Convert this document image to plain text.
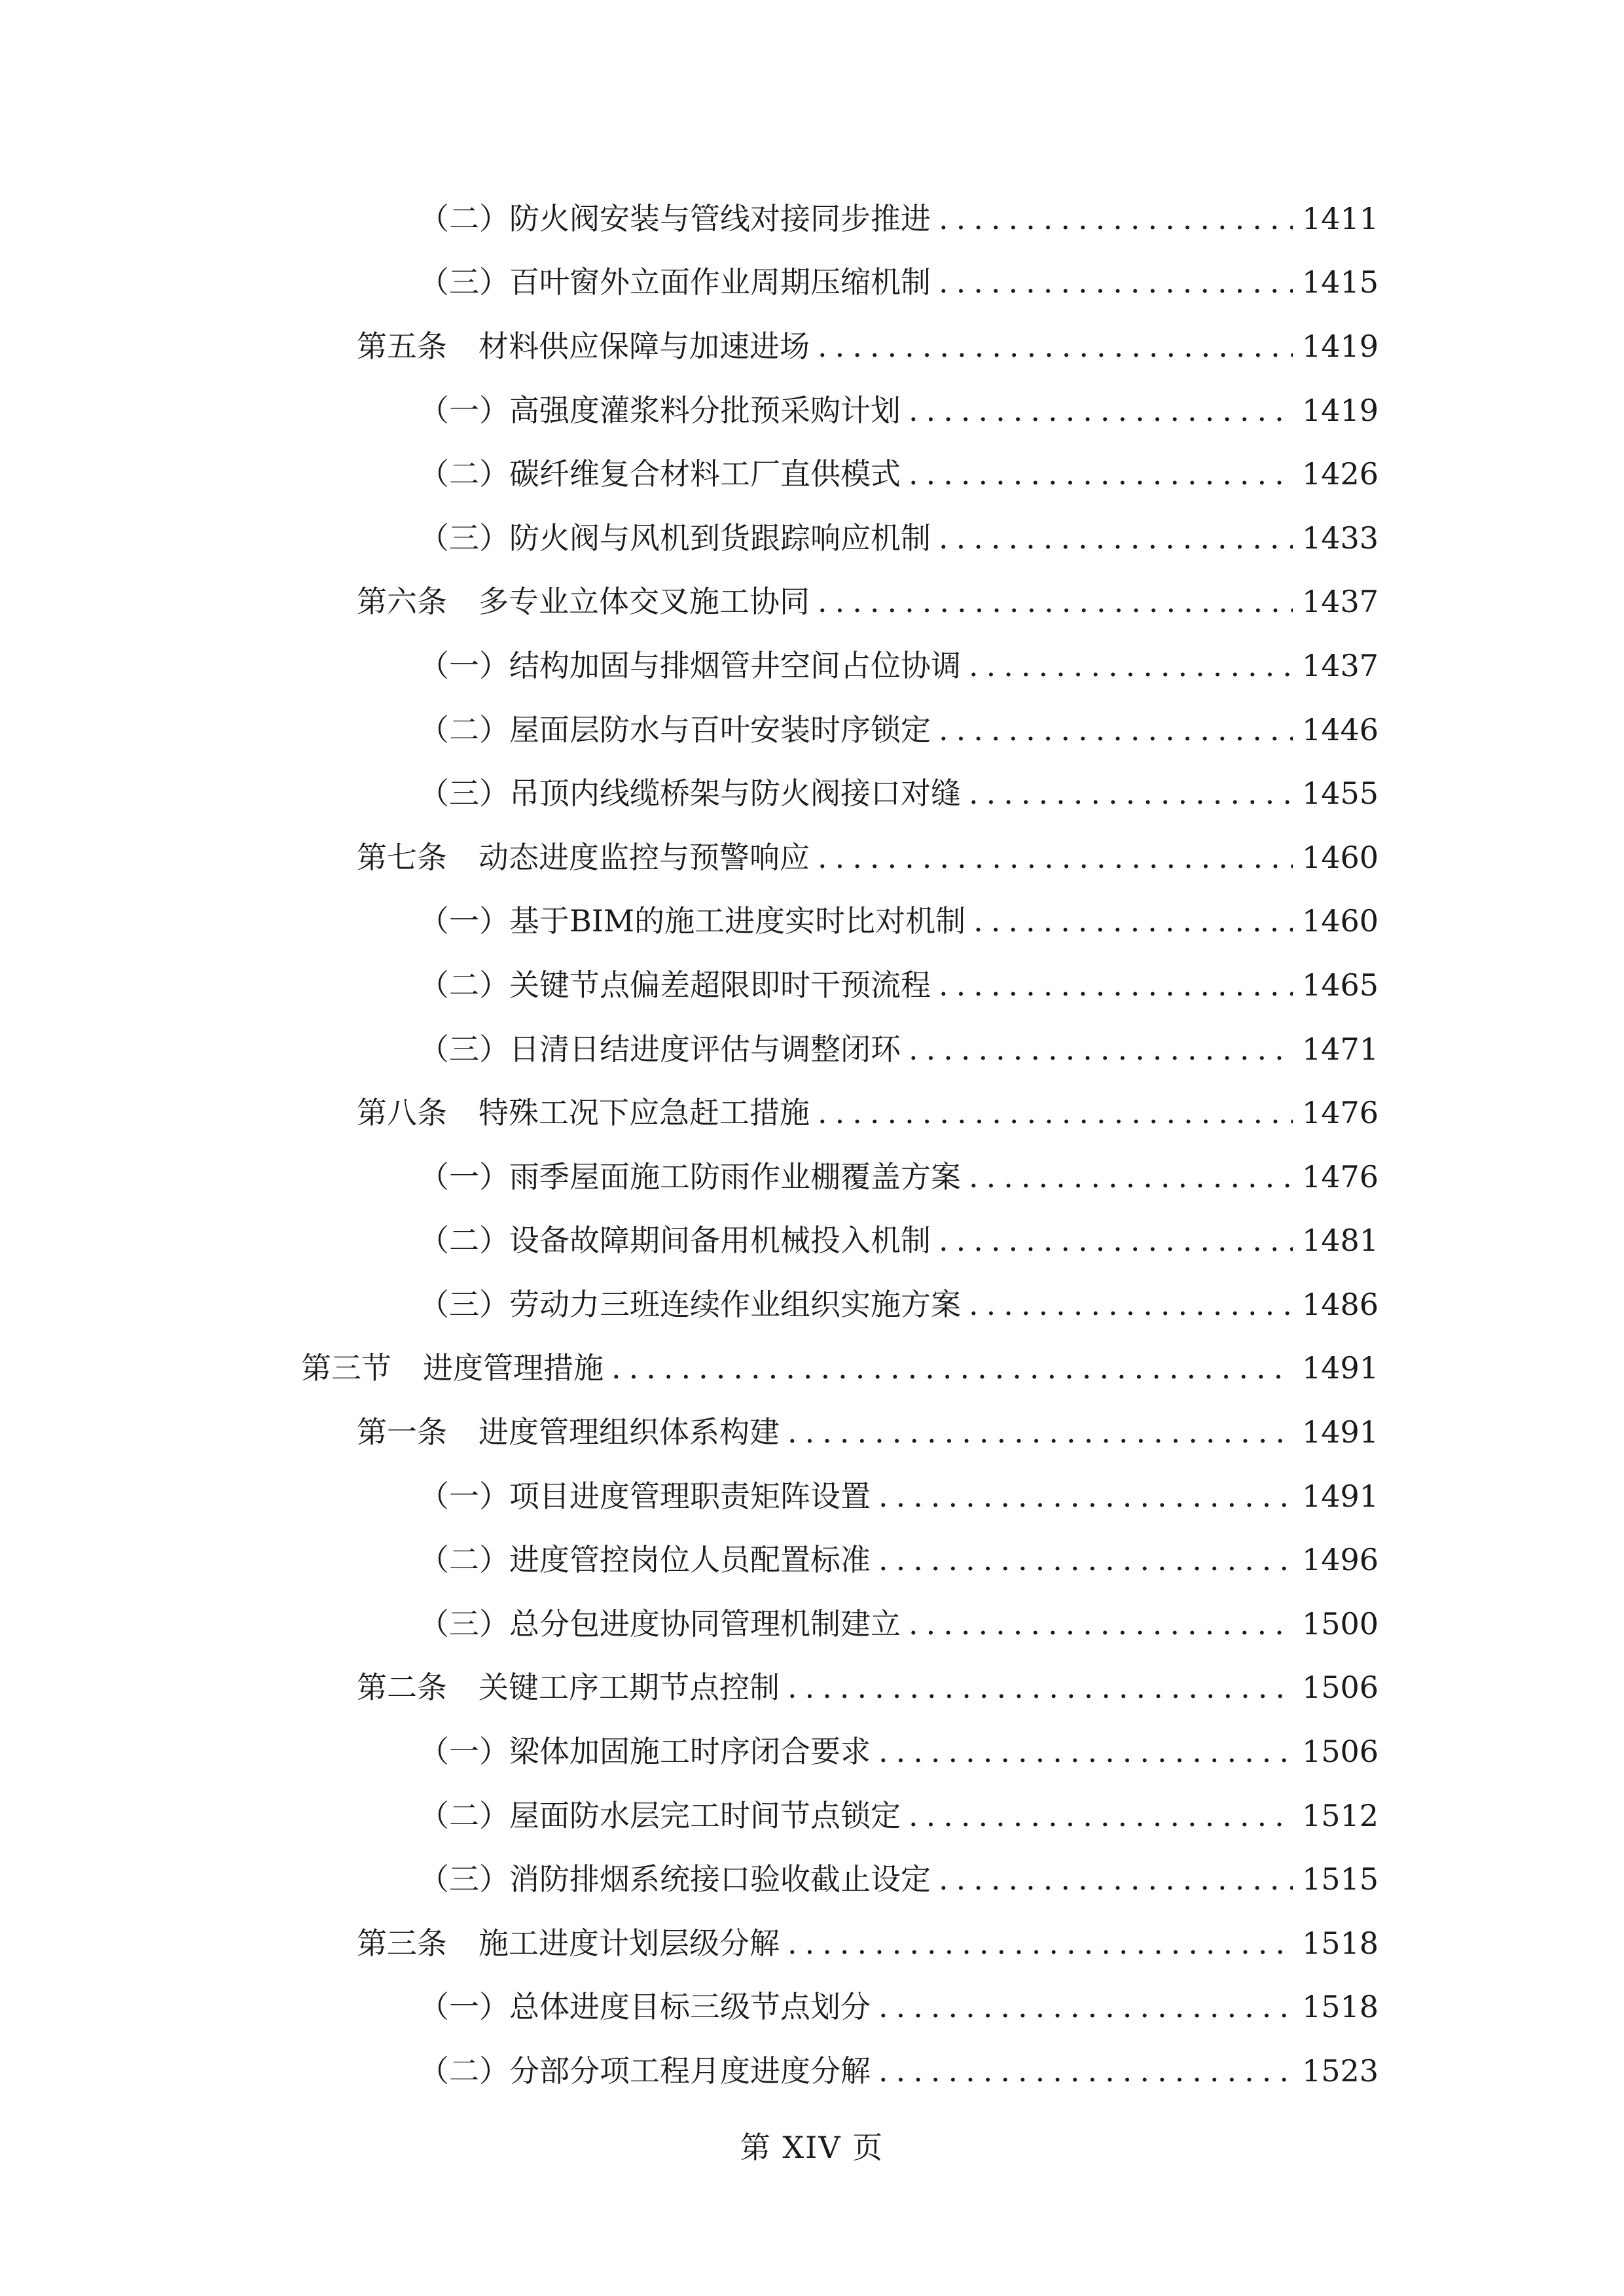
（二） 防火阀安装与管线对接同步推进 .....	1411
（三） 百叶窗外立面作业周期压缩机制 .....	1415
第五条 材料供应保障与加速进场 .....	1419
（一） 高强度灌浆料分批预采购计划 .....	1419
（二） 碳纤维复合材料工厂直供模式 .....	1426
（三） 防火阀与风机到货跟踪响应机制 .....	1433
第六条 多专业立体交叉施工协同 .....	1437
（一） 结构加固与排烟管井空间占位协调 .....	1437
（二） 屋面层防水与百叶安装时序锁定 .....	1446
（三） 吊顶内线缆桥架与防火阀接口对缝 .....	1455
第七条 动态进度监控与预警响应 .....	1460
（一） 基于BIM的施工进度实时比对机制 .....	1460
（二） 关键节点偏差超限即时干预流程 .....	1465
（三） 日清日结进度评估与调整闭环 .....	1471
第八条 特殊工况下应急赶工措施 .....	1476
（一） 雨季屋面施工防雨作业棚覆盖方案 .....	1476
（二） 设备故障期间备用机械投入机制 .....	1481
（三） 劳动力三班连续作业组织实施方案 .....	1486
第三节 进度管理措施 .....	1491
第一条 进度管理组织体系构建 .....	1491
（一） 项目进度管理职责矩阵设置 .....	1491
（二） 进度管控岗位人员配置标准 .....	1496
（三） 总分包进度协同管理机制建立 .....	1500
第二条 关键工序工期节点控制 .....	1506
（一） 梁体加固施工时序闭合要求 .....	1506
（二） 屋面防水层完工时间节点锁定 .....	1512
（三） 消防排烟系统接口验收截止设定 .....	1515
第三条 施工进度计划层级分解 .....	1518
（一） 总体进度目标三级节点划分 .....	1518
（二） 分部分项工程月度进度分解 .....	1523
第 XIV 页
